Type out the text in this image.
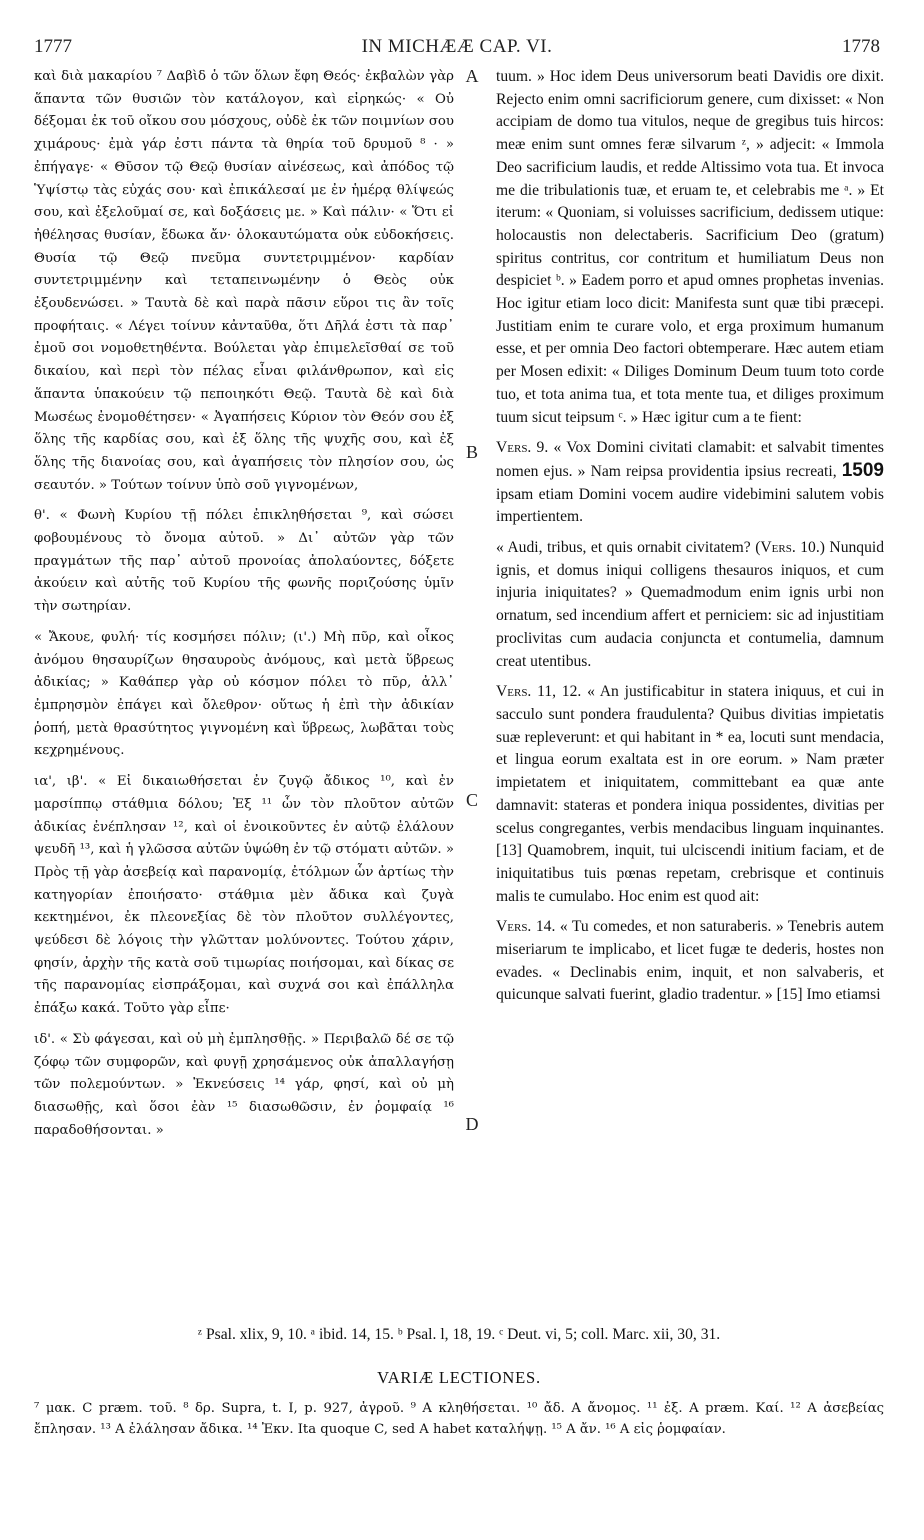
1777	IN MICHÆÆ CAP. VI.	1778

καὶ διὰ μακαρίου ⁷ Δαβὶδ ὁ τῶν ὅλων ἔφη Θεός· ἐκβαλὼν γὰρ ἅπαντα τῶν θυσιῶν τὸν κατάλογον, καὶ εἰρηκώς· « Οὐ δέξομαι ἐκ τοῦ οἴκου σου μόσχους, οὐδὲ ἐκ τῶν ποιμνίων σου χιμάρους· ἐμὰ γάρ ἐστι πάντα τὰ θηρία τοῦ δρυμοῦ ⁸ · » ἐπήγαγε· « Θῦσον τῷ Θεῷ θυσίαν αἰνέσεως, καὶ ἀπόδος τῷ Ὑψίστῳ τὰς εὐχάς σου· καὶ ἐπικάλεσαί με ἐν ἡμέρᾳ θλίψεώς σου, καὶ ἐξελοῦμαί σε, καὶ δοξάσεις με. » Καὶ πάλιν· « Ὅτι εἰ ἠθέλησας θυσίαν, ἔδωκα ἄν· ὁλοκαυτώματα οὐκ εὐδοκήσεις. Θυσία τῷ Θεῷ πνεῦμα συντετριμμένον· καρδίαν συντετριμμένην καὶ τεταπεινωμένην ὁ Θεὸς οὐκ ἐξουδενώσει. » Ταυτὰ δὲ καὶ παρὰ πᾶσιν εὕροι τις ἂν τοῖς προφήταις. « Λέγει τοίνυν κἀνταῦθα, ὅτι Δῆλά ἐστι τὰ παρ᾽ ἐμοῦ σοι νομοθετηθέντα. Βούλεται γὰρ ἐπιμελεῖσθαί σε τοῦ δικαίου, καὶ περὶ τὸν πέλας εἶναι φιλάνθρωπον, καὶ εἰς ἅπαντα ὑπακούειν τῷ πεποιηκότι Θεῷ. Ταυτὰ δὲ καὶ διὰ Μωσέως ἐνομοθέτησεν· « Ἀγαπήσεις Κύριον τὸν Θεόν σου ἐξ ὅλης τῆς καρδίας σου, καὶ ἐξ ὅλης τῆς ψυχῆς σου, καὶ ἐξ ὅλης τῆς διανοίας σου, καὶ ἀγαπήσεις τὸν πλησίον σου, ὡς σεαυτόν. » Τούτων τοίνυν ὑπὸ σοῦ γιγνομένων,

θ'. « Φωνὴ Κυρίου τῇ πόλει ἐπικληθήσεται ⁹, καὶ σώσει φοβουμένους τὸ ὄνομα αὐτοῦ. » Δι᾽ αὐτῶν γὰρ τῶν πραγμάτων τῆς παρ᾽ αὐτοῦ προνοίας ἀπολαύοντες, δόξετε ἀκούειν καὶ αὐτῆς τοῦ Κυρίου τῆς φωνῆς ποριζούσης ὑμῖν τὴν σωτηρίαν.

« Ἄκουε, φυλή· τίς κοσμήσει πόλιν; (ι'.) Μὴ πῦρ, καὶ οἶκος ἀνόμου θησαυρίζων θησαυροὺς ἀνόμους, καὶ μετὰ ὕβρεως ἀδικίας; » Καθάπερ γὰρ οὐ κόσμον πόλει τὸ πῦρ, ἀλλ᾽ ἐμπρησμὸν ἐπάγει καὶ ὄλεθρον· οὕτως ἡ ἐπὶ τὴν ἀδικίαν ῥοπή, μετὰ θρασύτητος γιγνομένη καὶ ὕβρεως, λωβᾶται τοὺς κεχρημένους.

ια', ιβ'. « Εἰ δικαιωθήσεται ἐν ζυγῷ ἄδικος ¹⁰, καὶ ἐν μαρσίππῳ στάθμια δόλου; Ἐξ ¹¹ ὧν τὸν πλοῦτον αὐτῶν ἀδικίας ἐνέπλησαν ¹², καὶ οἱ ἐνοικοῦντες ἐν αὐτῷ ἐλάλουν ψευδῆ ¹³, καὶ ἡ γλῶσσα αὐτῶν ὑψώθη ἐν τῷ στόματι αὐτῶν. » Πρὸς τῇ γὰρ ἀσεβείᾳ καὶ παρανομίᾳ, ἐτόλμων ὧν ἀρτίως τὴν κατηγορίαν ἐποιήσατο· στάθμια μὲν ἄδικα καὶ ζυγὰ κεκτημένοι, ἐκ πλεονεξίας δὲ τὸν πλοῦτον συλλέγοντες, ψεύδεσι δὲ λόγοις τὴν γλῶτταν μολύνοντες. Τούτου χάριν, φησίν, ἀρχὴν τῆς κατὰ σοῦ τιμωρίας ποιήσομαι, καὶ δίκας σε τῆς παρανομίας εἰσπράξομαι, καὶ συχνά σοι καὶ ἐπάλληλα ἐπάξω κακά. Τοῦτο γὰρ εἶπε·

ιδ'. « Σὺ φάγεσαι, καὶ οὐ μὴ ἐμπλησθῇς. » Περιβαλῶ δέ σε τῷ ζόφῳ τῶν συμφορῶν, καὶ φυγῇ χρησάμενος οὐκ ἀπαλλαγήσῃ τῶν πολεμούντων. » Ἐκνεύσεις ¹⁴ γάρ, φησί, καὶ οὐ μὴ διασωθῇς, καὶ ὅσοι ἐὰν ¹⁵ διασωθῶσιν, ἐν ῥομφαίᾳ ¹⁶ παραδοθήσονται. »

A
B
C
D

tuum. » Hoc idem Deus universorum beati Davidis ore dixit. Rejecto enim omni sacrificiorum genere, cum dixisset: « Non accipiam de domo tua vitulos, neque de gregibus tuis hircos: meæ enim sunt omnes feræ silvarum ᶻ, » adjecit: « Immola Deo sacrificium laudis, et redde Altissimo vota tua. Et invoca me die tribulationis tuæ, et eruam te, et celebrabis me ᵃ. » Et iterum: « Quoniam, si voluisses sacrificium, dedissem utique: holocaustis non delectaberis. Sacrificium Deo (gratum) spiritus contritus, cor contritum et humiliatum Deus non despiciet ᵇ. » Eadem porro et apud omnes prophetas invenias. Hoc igitur etiam loco dicit: Manifesta sunt quæ tibi præcepi. Justitiam enim te curare volo, et erga proximum humanum esse, et per omnia Deo factori obtemperare. Hæc autem etiam per Mosen edixit: « Diliges Dominum Deum tuum toto corde tuo, et tota anima tua, et tota mente tua, et diliges proximum tuum sicut teipsum ᶜ. » Hæc igitur cum a te fient:

Vers. 9. « Vox Domini civitati clamabit: et salvabit timentes nomen ejus. » Nam reipsa providentia ipsius recreati, 1509 ipsam etiam Domini vocem audire videbimini salutem vobis impertientem.

« Audi, tribus, et quis ornabit civitatem? (Vers. 10.) Nunquid ignis, et domus iniqui colligens thesauros iniquos, et cum injuria iniquitates? » Quemadmodum enim ignis urbi non ornatum, sed incendium affert et perniciem: sic ad injustitiam proclivitas cum audacia conjuncta et contumelia, damnum creat utentibus.

Vers. 11, 12. « An justificabitur in statera iniquus, et cui in sacculo sunt pondera fraudulenta? Quibus divitias impietatis suæ repleverunt: et qui habitant in * ea, locuti sunt mendacia, et lingua eorum exaltata est in ore eorum. » Nam præter impietatem et iniquitatem, committebant ea quæ ante damnavit: stateras et pondera iniqua possidentes, divitias per scelus congregantes, verbis mendacibus linguam inquinantes. [13] Quamobrem, inquit, tui ulciscendi initium faciam, et de iniquitatibus tuis pœnas repetam, crebrisque et continuis malis te cumulabo. Hoc enim est quod ait:

Vers. 14. « Tu comedes, et non saturaberis. » Tenebris autem miseriarum te implicabo, et licet fugæ te dederis, hostes non evades. « Declinabis enim, inquit, et non salvaberis, et quicunque salvati fuerint, gladio tradentur. » [15] Imo etiamsi

ᶻ Psal. xlix, 9, 10. ᵃ ibid. 14, 15. ᵇ Psal. l, 18, 19. ᶜ Deut. vi, 5; coll. Marc. xii, 30, 31.
VARIÆ LECTIONES.

⁷ μακ. C præm. τοῦ. ⁸ δρ. Supra, t. I, p. 927, ἀγροῦ. ⁹ Α κληθήσεται. ¹⁰ ἄδ. Α ἄνομος. ¹¹ ἐξ. A præm. Καί. ¹² Α ἀσεβείας ἔπλησαν. ¹³ Α ἐλάλησαν ἄδικα. ¹⁴ Ἐκν. Ita quoque C, sed A habet καταλήψῃ. ¹⁵ Α ἄν. ¹⁶ Α εἰς ῥομφαίαν.
